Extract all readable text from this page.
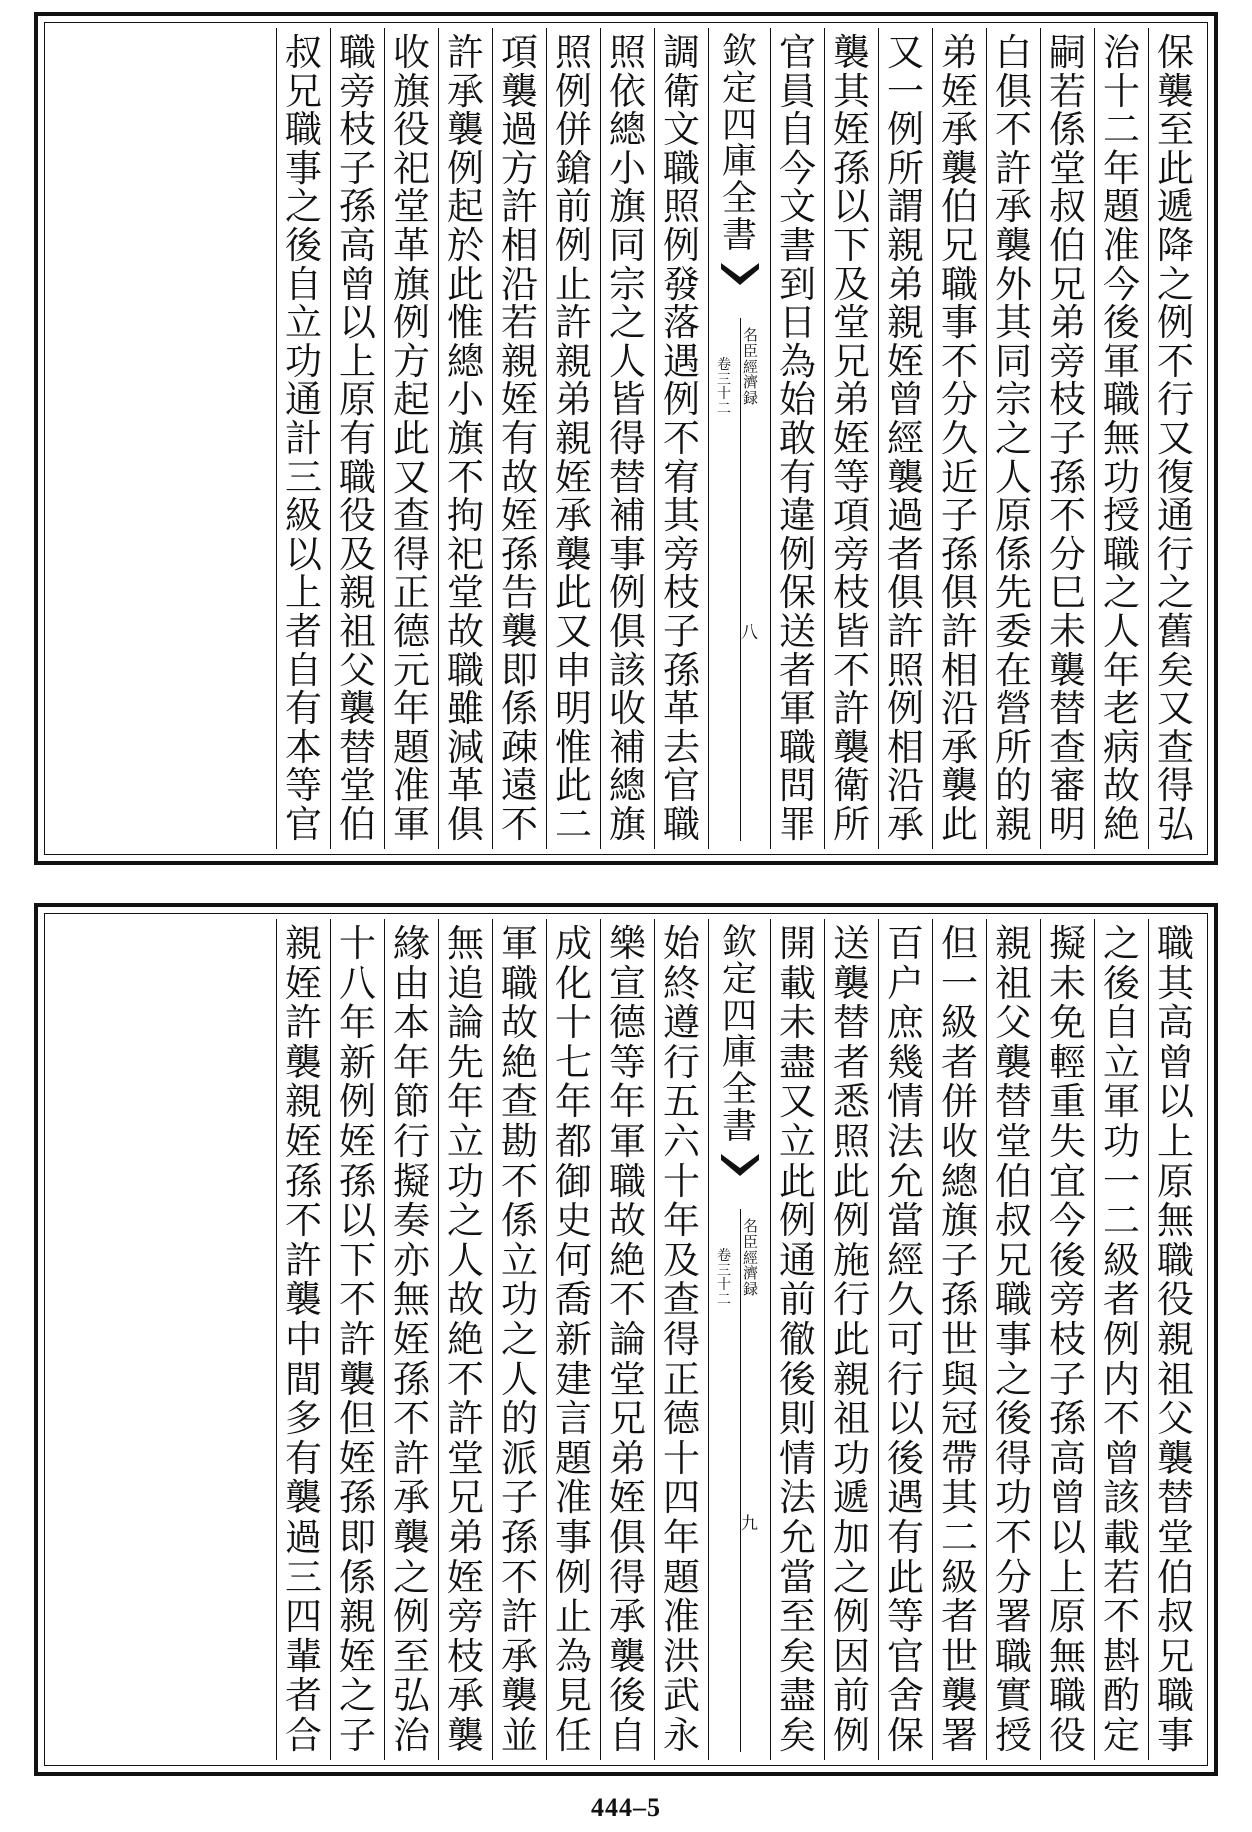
保
襲
至
此
遞
降
之
例
不
行
又
復
通
行
之
舊
矣
又
查
得
弘
治
十
二
年
題
准
今
後
軍
職
無
功
授
職
之
人
年
老
病
故
絶
嗣
若
係
堂
叔
伯
兄
弟
旁
枝
子
孫
不
分
巳
未
襲
替
查
審
明
白
俱
不
許
承
襲
外
其
同
宗
之
人
原
係
先
委
在
營
所
的
親
弟
姪
承
襲
伯
兄
職
事
不
分
久
近
子
孫
俱
許
相
沿
承
襲
此
又
一
例
所
謂
親
弟
親
姪
曾
經
襲
過
者
俱
許
照
例
相
沿
承
襲
其
姪
孫
以
下
及
堂
兄
弟
姪
等
項
旁
枝
皆
不
許
襲
衛
所
官
員
自
今
文
書
到
日
為
始
敢
有
違
例
保
送
者
軍
職
問
罪
欽
定
四
庫
全
書
名
臣
經
濟
録
卷
三
十
二
八
調
衛
文
職
照
例
發
落
遇
例
不
宥
其
旁
枝
子
孫
革
去
官
職
照
依
總
小
旗
同
宗
之
人
皆
得
替
補
事
例
俱
該
收
補
總
旗
照
例
併
鎗
前
例
止
許
親
弟
親
姪
承
襲
此
又
申
明
惟
此
二
項
襲
過
方
許
相
沿
若
親
姪
有
故
姪
孫
告
襲
即
係
疎
遠
不
許
承
襲
例
起
於
此
惟
總
小
旗
不
拘
祀
堂
故
職
雖
減
革
俱
收
旗
役
祀
堂
革
旗
例
方
起
此
又
查
得
正
德
元
年
題
准
軍
職
旁
枝
子
孫
高
曾
以
上
原
有
職
役
及
親
祖
父
襲
替
堂
伯
叔
兄
職
事
之
後
自
立
功
通
計
三
級
以
上
者
自
有
本
等
官
職
其
高
曾
以
上
原
無
職
役
親
祖
父
襲
替
堂
伯
叔
兄
職
事
之
後
自
立
軍
功
一
二
級
者
例
内
不
曾
該
載
若
不
斟
酌
定
擬
未
免
輕
重
失
宜
今
後
旁
枝
子
孫
高
曾
以
上
原
無
職
役
親
祖
父
襲
替
堂
伯
叔
兄
職
事
之
後
得
功
不
分
署
職
實
授
但
一
級
者
併
收
總
旗
子
孫
世
與
冠
帶
其
二
級
者
世
襲
署
百
户
庶
幾
情
法
允
當
經
久
可
行
以
後
遇
有
此
等
官
舍
保
送
襲
替
者
悉
照
此
例
施
行
此
親
祖
功
遞
加
之
例
因
前
例
開
載
未
盡
又
立
此
例
通
前
徹
後
則
情
法
允
當
至
矣
盡
矣
欽
定
四
庫
全
書
名
臣
經
濟
録
卷
三
十
二
九
始
終
遵
行
五
六
十
年
及
查
得
正
德
十
四
年
題
准
洪
武
永
樂
宣
德
等
年
軍
職
故
絶
不
論
堂
兄
弟
姪
俱
得
承
襲
後
自
成
化
十
七
年
都
御
史
何
喬
新
建
言
題
准
事
例
止
為
見
任
軍
職
故
絶
查
勘
不
係
立
功
之
人
的
派
子
孫
不
許
承
襲
並
無
追
論
先
年
立
功
之
人
故
絶
不
許
堂
兄
弟
姪
旁
枝
承
襲
緣
由
本
年
節
行
擬
奏
亦
無
姪
孫
不
許
承
襲
之
例
至
弘
治
十
八
年
新
例
姪
孫
以
下
不
許
襲
但
姪
孫
即
係
親
姪
之
子
親
姪
許
襲
親
姪
孫
不
許
襲
中
間
多
有
襲
過
三
四
輩
者
合
444–5
